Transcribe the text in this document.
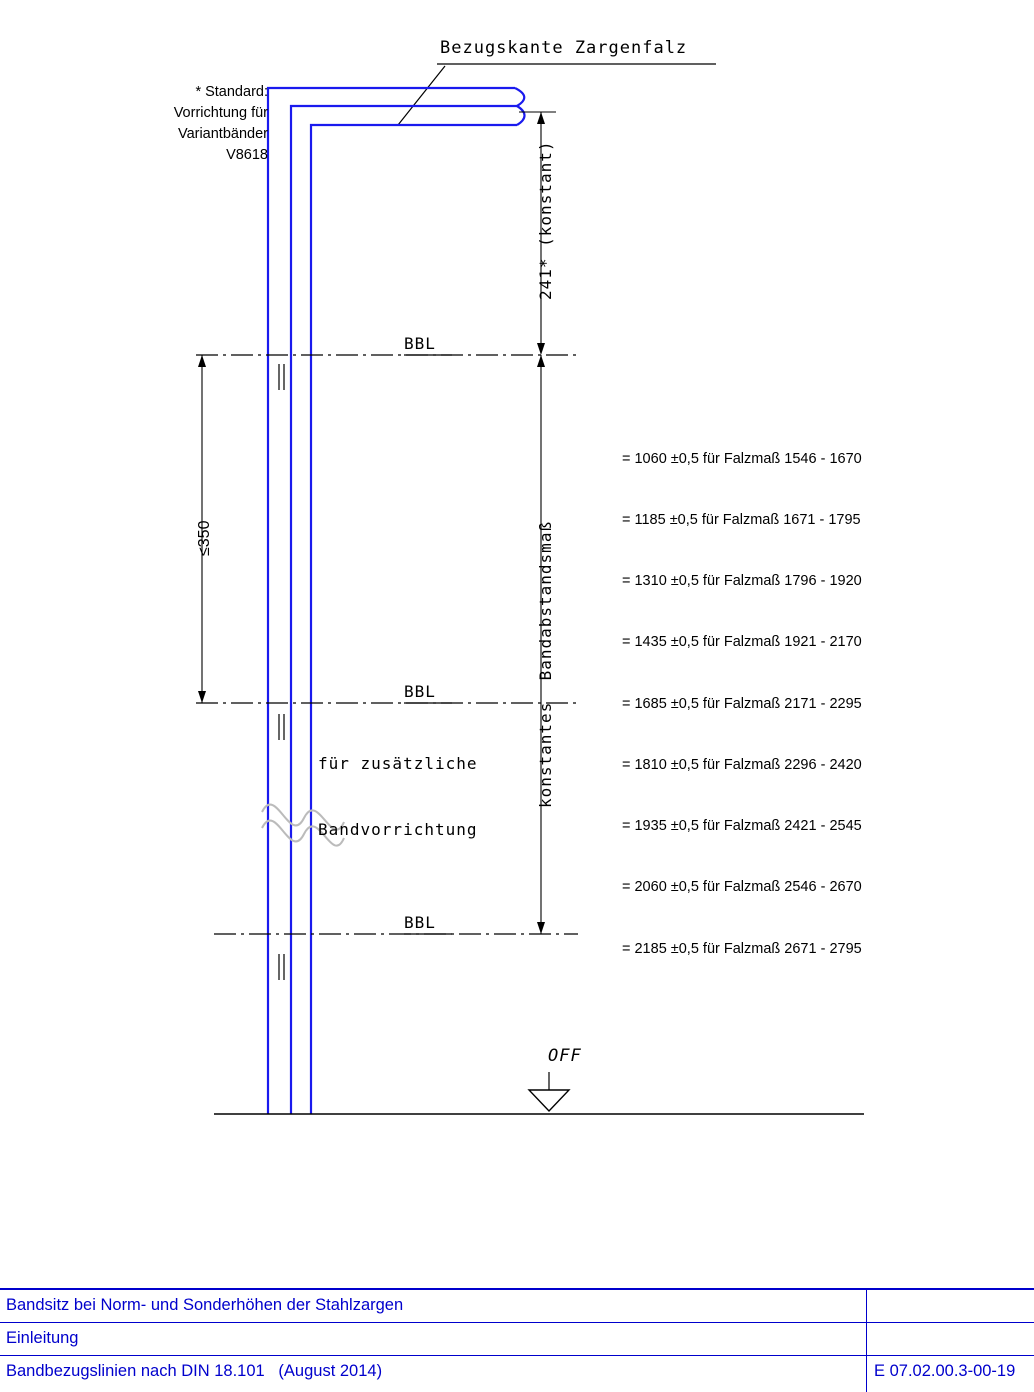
Bezugskante Zargenfalz
* Standard:
Vorrichtung für
Variantbänder
V8618	241* (konstant)
≤350	konstantes  Bandabstandsmaß
BBL
BBL
BBL

für zusätzliche

Bandvorrichtung

OFF

= 1060 ±0,5 für Falzmaß 1546 - 1670

= 1185 ±0,5 für Falzmaß 1671 - 1795

= 1310 ±0,5 für Falzmaß 1796 - 1920

= 1435 ±0,5 für Falzmaß 1921 - 2170

= 1685 ±0,5 für Falzmaß 2171 - 2295

= 1810 ±0,5 für Falzmaß 2296 - 2420

= 1935 ±0,5 für Falzmaß 2421 - 2545

= 2060 ±0,5 für Falzmaß 2546 - 2670

= 2185 ±0,5 für Falzmaß 2671 - 2795

Bandsitz bei Norm- und Sonderhöhen der Stahlzargen
Einleitung
Bandbezugslinien nach DIN 18.101   (August 2014)	E 07.02.00.3-00-19
